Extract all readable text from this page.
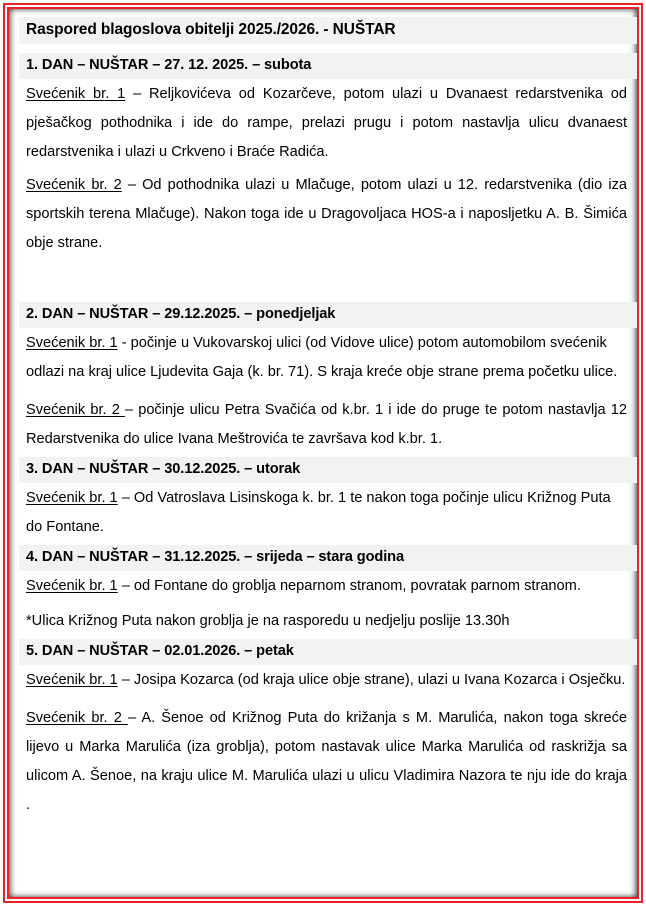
Raspored blagoslova obitelji 2025./2026. - NUŠTAR
1. DAN – NUŠTAR – 27. 12. 2025. – subota
Svećenik br. 1 – Reljkovićeva od Kozarčeve, potom ulazi u Dvanaest redarstvenika od pješačkog pothodnika i ide do rampe, prelazi prugu i potom nastavlja ulicu dvanaest redarstvenika i ulazi u Crkveno i Braće Radića.
Svećenik br. 2 – Od pothodnika ulazi u Mlačuge, potom ulazi u 12. redarstvenika (dio iza sportskih terena Mlačuge). Nakon toga ide u Dragovoljaca HOS-a i naposljetku A. B. Šimića obje strane.
2. DAN – NUŠTAR – 29.12.2025. – ponedjeljak
Svećenik br. 1 - počinje u Vukovarskoj ulici (od Vidove ulice) potom automobilom svećenik odlazi na kraj ulice Ljudevita Gaja (k. br. 71). S kraja kreće obje strane prema početku ulice.
Svećenik br. 2 – počinje ulicu Petra Svačića od k.br. 1 i ide do pruge te potom nastavlja 12 Redarstvenika do ulice Ivana Meštrovića te završava kod k.br. 1.
3. DAN – NUŠTAR – 30.12.2025. – utorak
Svećenik br. 1 – Od Vatroslava Lisinskoga k. br. 1 te nakon toga počinje ulicu Križnog Puta do Fontane.
4. DAN – NUŠTAR – 31.12.2025. – srijeda – stara godina
Svećenik br. 1 – od Fontane do groblja neparnom stranom, povratak parnom stranom.
*Ulica Križnog Puta nakon groblja je na rasporedu u nedjelju poslije 13.30h
5. DAN – NUŠTAR – 02.01.2026. – petak
Svećenik br. 1 – Josipa Kozarca (od kraja ulice obje strane), ulazi u Ivana Kozarca i Osječku.
Svećenik br. 2 – A. Šenoe od Križnog Puta do križanja s M. Marulića, nakon toga skreće lijevo u Marka Marulića (iza groblja), potom nastavak ulice Marka Marulića od raskrižja sa ulicom A. Šenoe, na kraju ulice M. Marulića ulazi u ulicu Vladimira Nazora te nju ide do kraja .
